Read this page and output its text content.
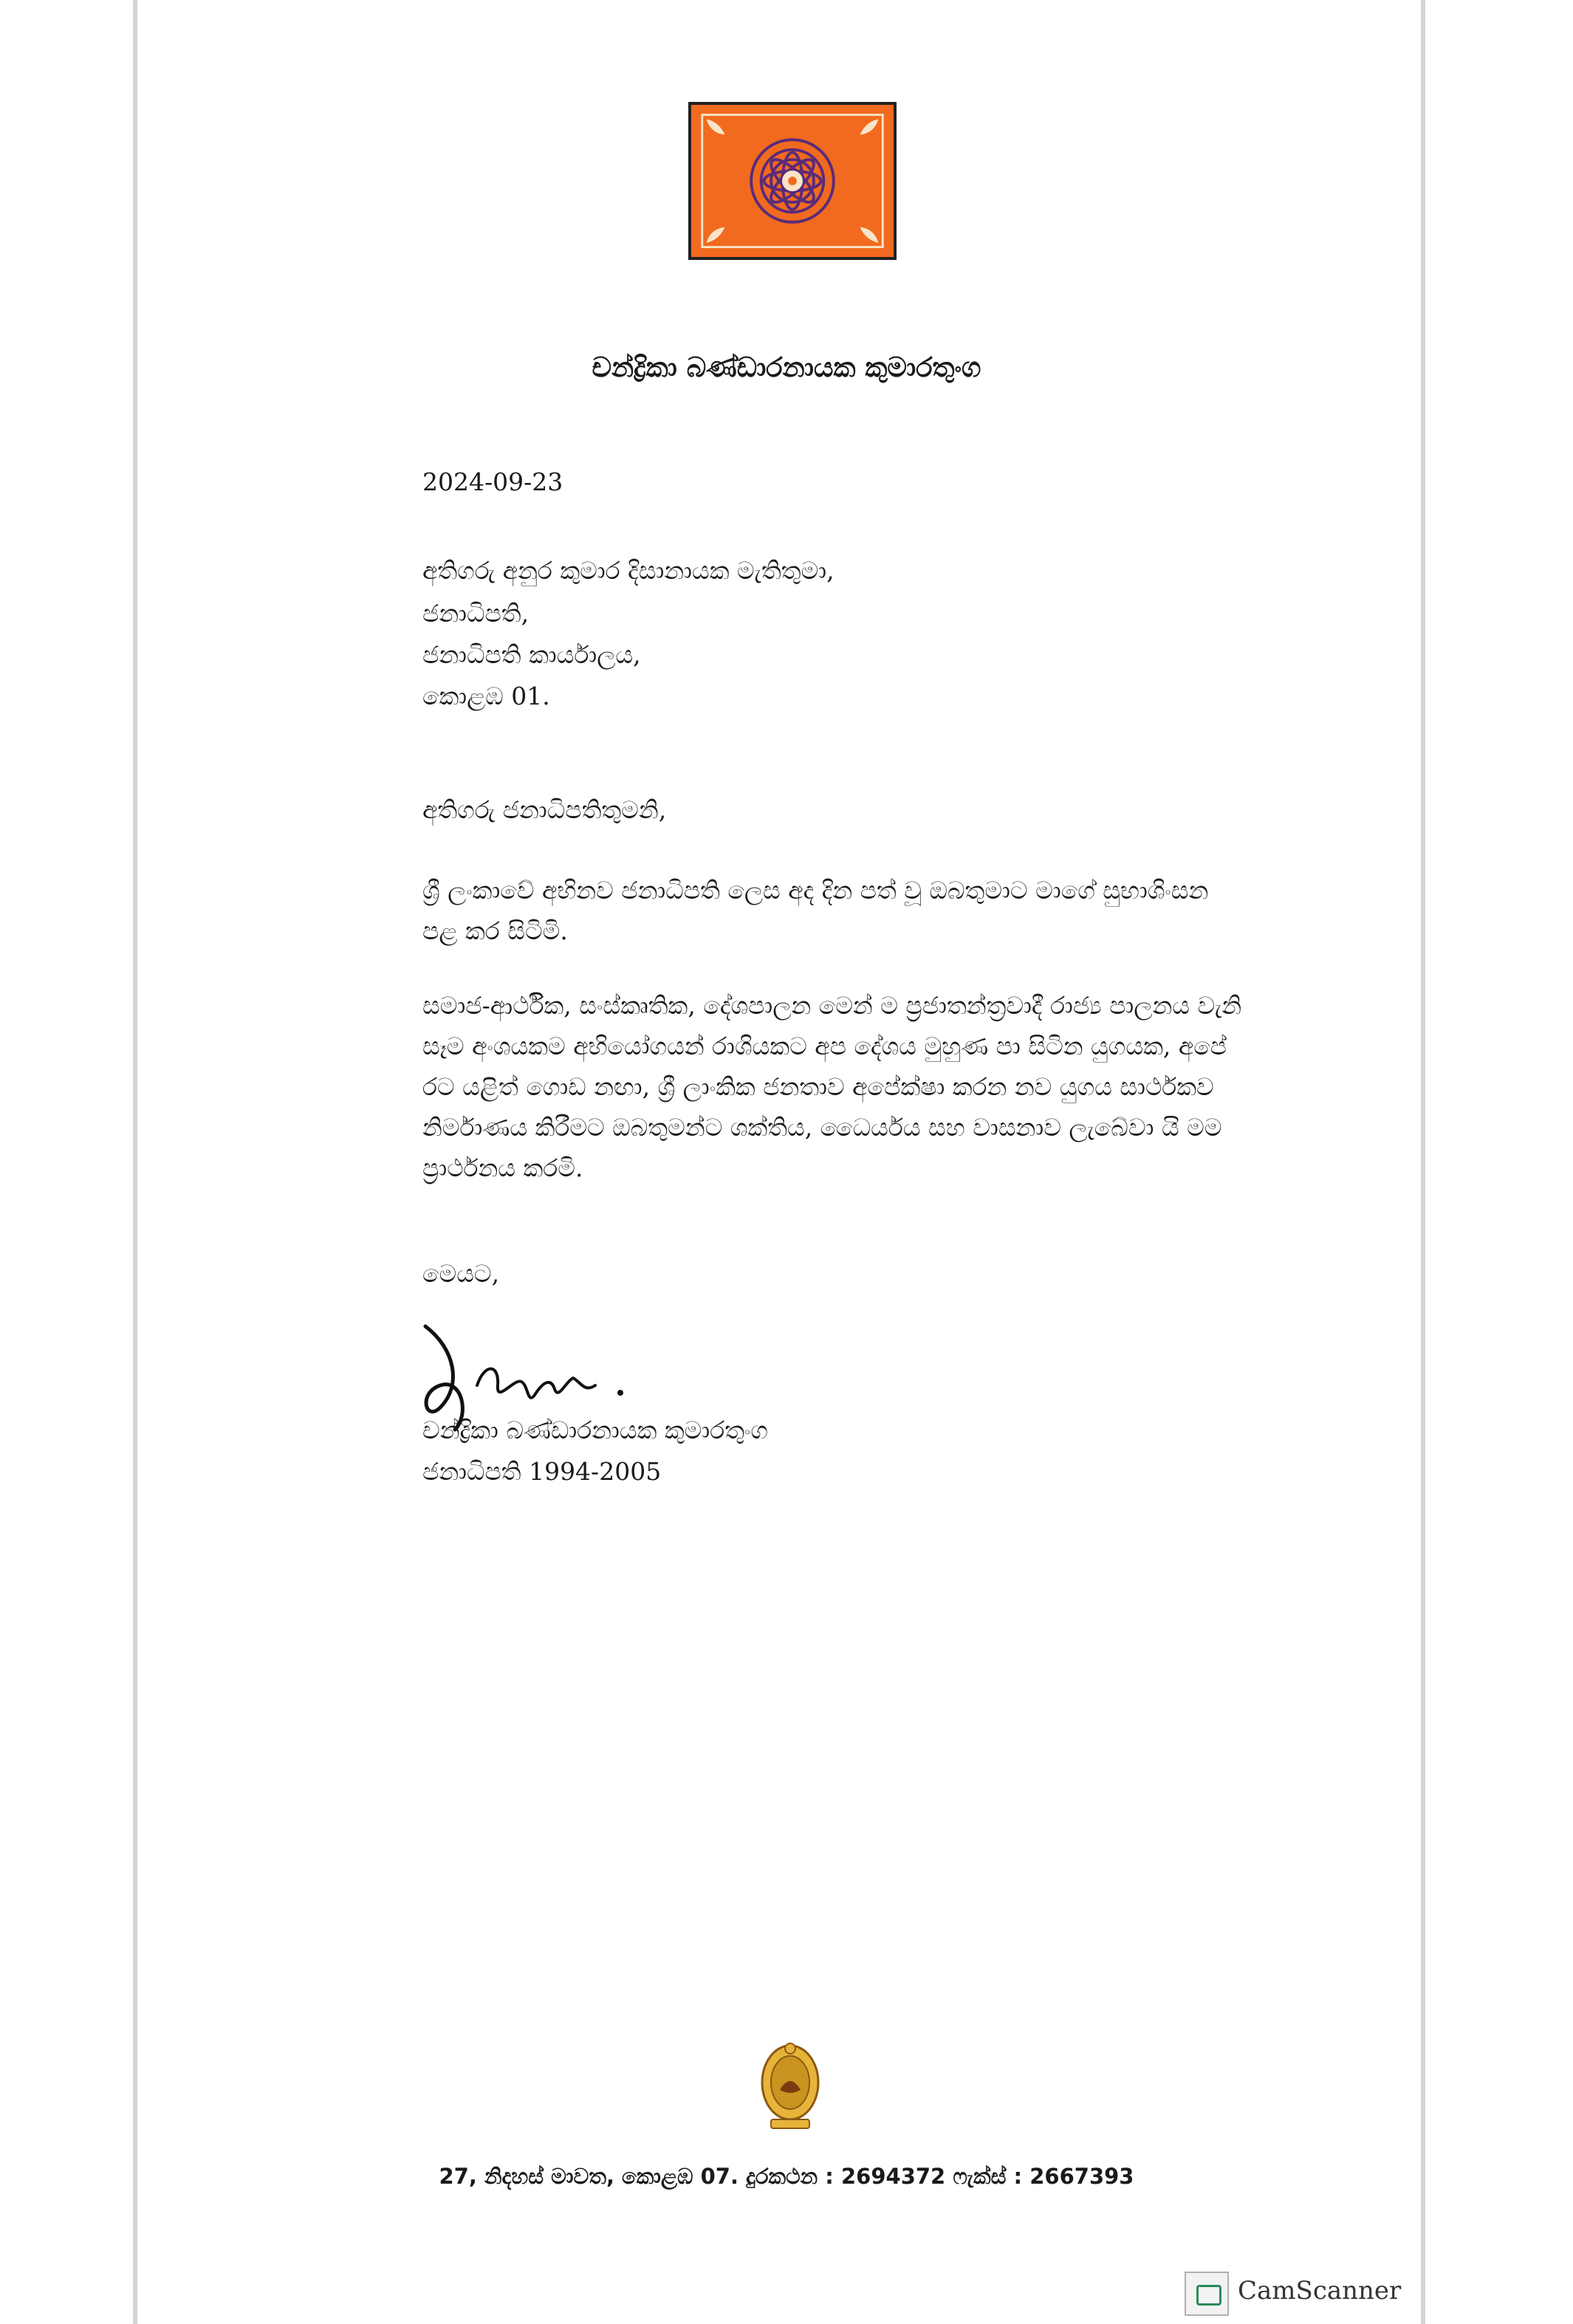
චන්ද්‍රිකා බණ්ඩාරනායක කුමාරතුංග
2024-09-23
අතිගරු අනුර කුමාර දිසානායක මැතිතුමා,
ජනාධිපති,
ජනාධිපති කාර්යාලය,
කොළඹ 01.
අතිගරු ජනාධිපතිතුමනි,
ශ්‍රී ලංකාවේ අභිනව ජනාධිපති ලෙස අද දින පත් වූ ඔබතුමාට මාගේ සුභාශිංසන පළ කර සිටිමි.
සමාජ-ආර්ථික, සංස්කෘතික, දේශපාලන මෙන් ම ප්‍රජාතන්ත්‍රවාදී රාජ්‍ය පාලනය වැනි සෑම අංශයකම අභියෝගයන් රාශියකට අප දේශය මුහුණ පා සිටින යුගයක, අපේ රට යළිත් ගොඩ නඟා, ශ්‍රී ලාංකික ජනතාව අපේක්ෂා කරන නව යුගය සාර්ථකව නිර්මාණය කිරීමට ඔබතුමන්ට ශක්තිය, ධෛර්යය සහ වාසනාව ලැබේවා යි මම ප්‍රාර්ථනය කරමි.
මෙයට,
චන්ද්‍රිකා බණ්ඩාරනායක කුමාරතුංග
ජනාධිපති 1994-2005
27, නිදහස් මාවත, කොළඹ 07. දුරකථන : 2694372 ෆැක්ස් : 2667393
CamScanner
